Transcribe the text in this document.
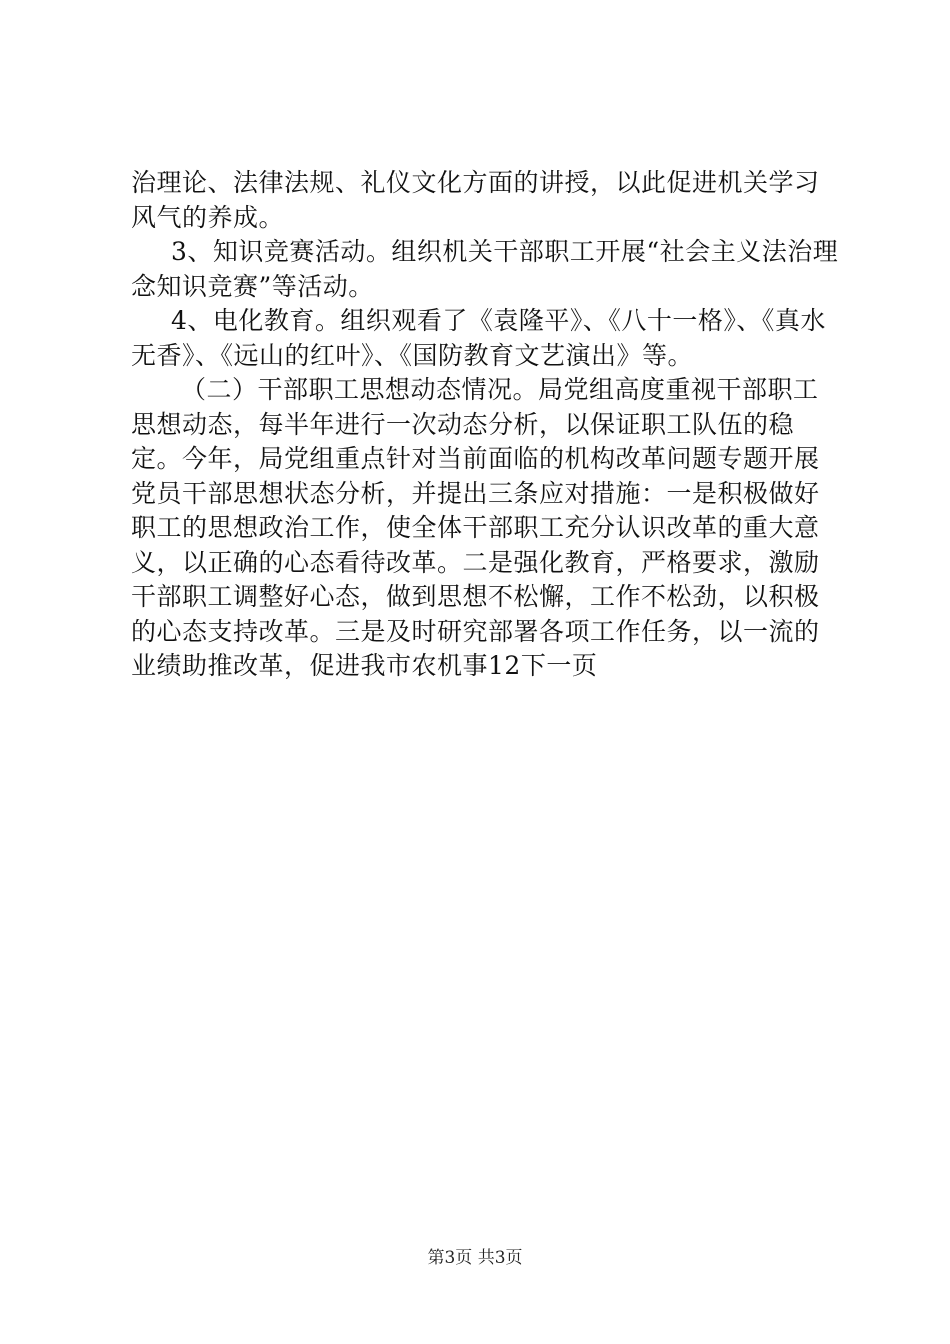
治理论、法律法规、礼仪文化方面的讲授，以此促进机关学习风气的养成。

3、知识竞赛活动。组织机关干部职工开展“社会主义法治理念知识竞赛”等活动。

4、电化教育。组织观看了《袁隆平》、《八十一格》、《真水无香》、《远山的红叶》、《国防教育文艺演出》等。

（二）干部职工思想动态情况。局党组高度重视干部职工思想动态，每半年进行一次动态分析，以保证职工队伍的稳定。今年，局党组重点针对当前面临的机构改革问题专题开展党员干部思想状态分析，并提出三条应对措施：一是积极做好职工的思想政治工作，使全体干部职工充分认识改革的重大意义，以正确的心态看待改革。二是强化教育，严格要求，激励干部职工调整好心态，做到思想不松懈，工作不松劲，以积极的心态支持改革。三是及时研究部署各项工作任务，以一流的业绩助推改革，促进我市农机事12下一页

第3页 共3页
